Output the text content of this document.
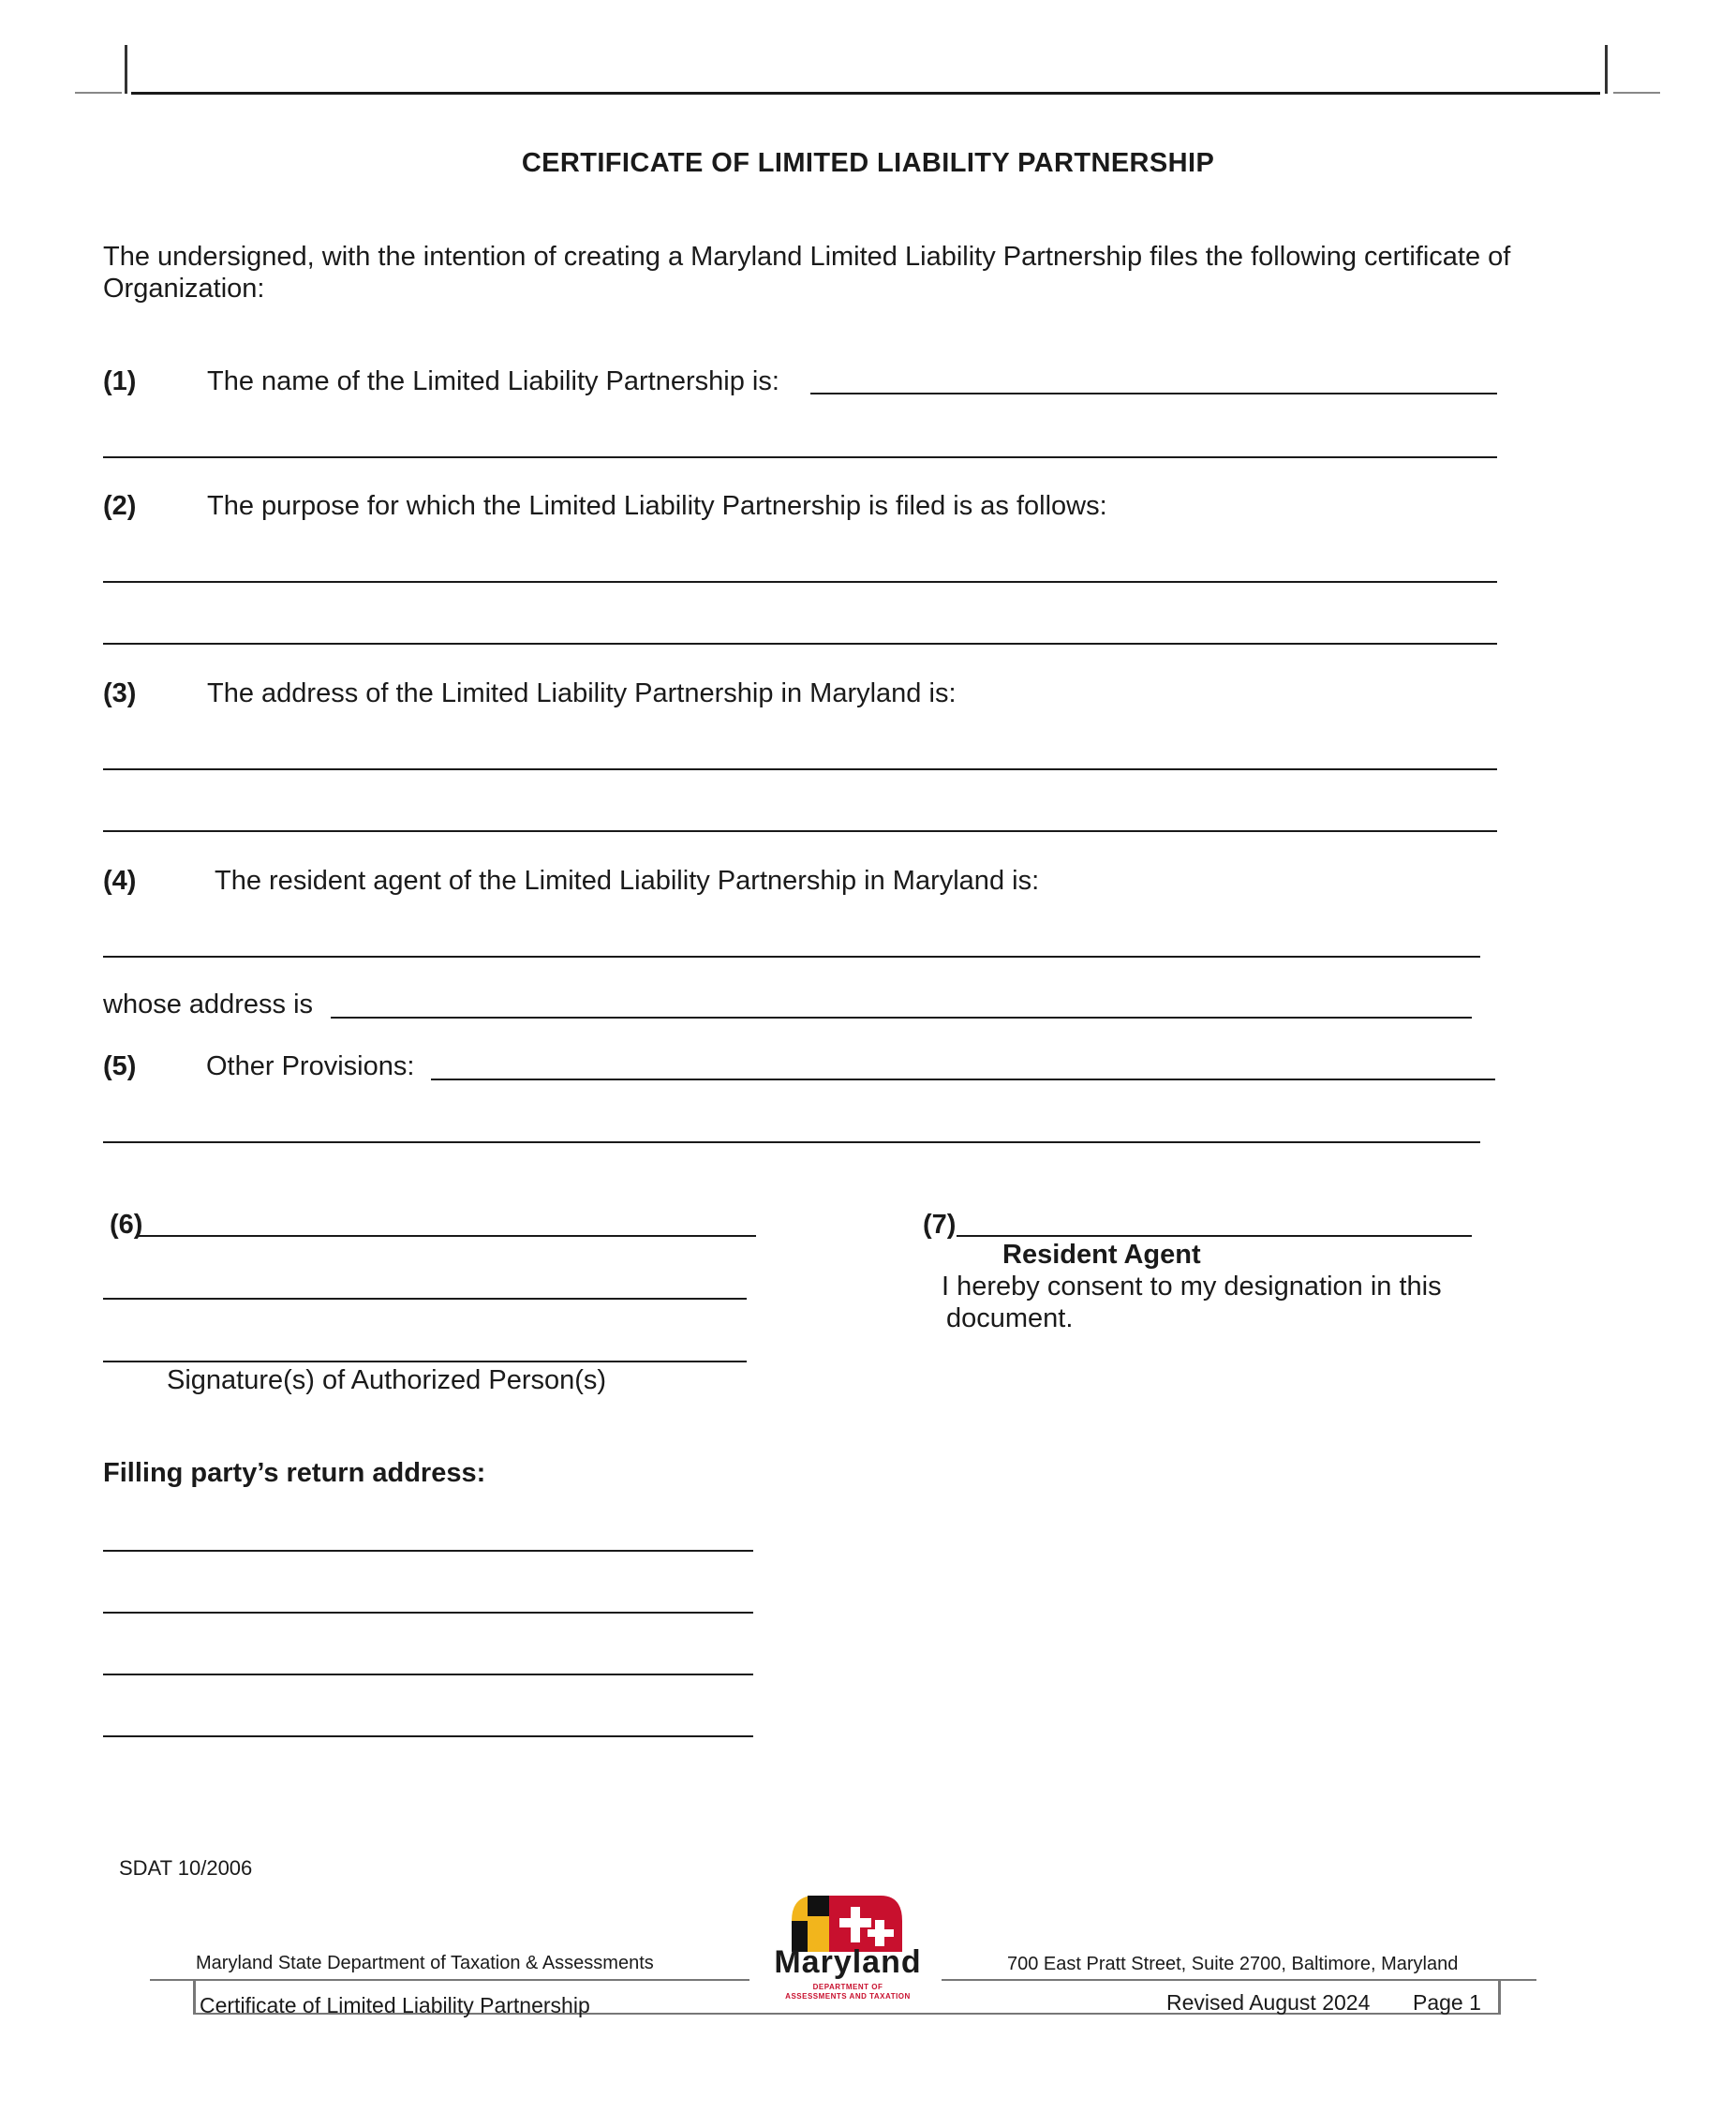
CERTIFICATE OF LIMITED LIABILITY PARTNERSHIP
The undersigned, with the intention of creating a Maryland Limited Liability Partnership files the following certificate of
Organization:
(1)	The name of the Limited Liability Partnership is:
(2)	The purpose for which the Limited Liability Partnership is filed is as follows:
(3)	The address of the Limited Liability Partnership in Maryland is:
(4)	The resident agent of the Limited Liability Partnership in Maryland is:
whose address is
(5)	Other Provisions:
(6)
Signature(s) of Authorized Person(s)
(7)
Resident Agent
I hereby consent to my designation in this
document.
Filling party’s return address:
SDAT 10/2006
Maryland State Department of Taxation & Assessments	700 East Pratt Street, Suite 2700, Baltimore, Maryland
Maryland
DEPARTMENT OF
ASSESSMENTS AND TAXATION
Certificate of Limited Liability Partnership	Revised August 2024 Page 1
